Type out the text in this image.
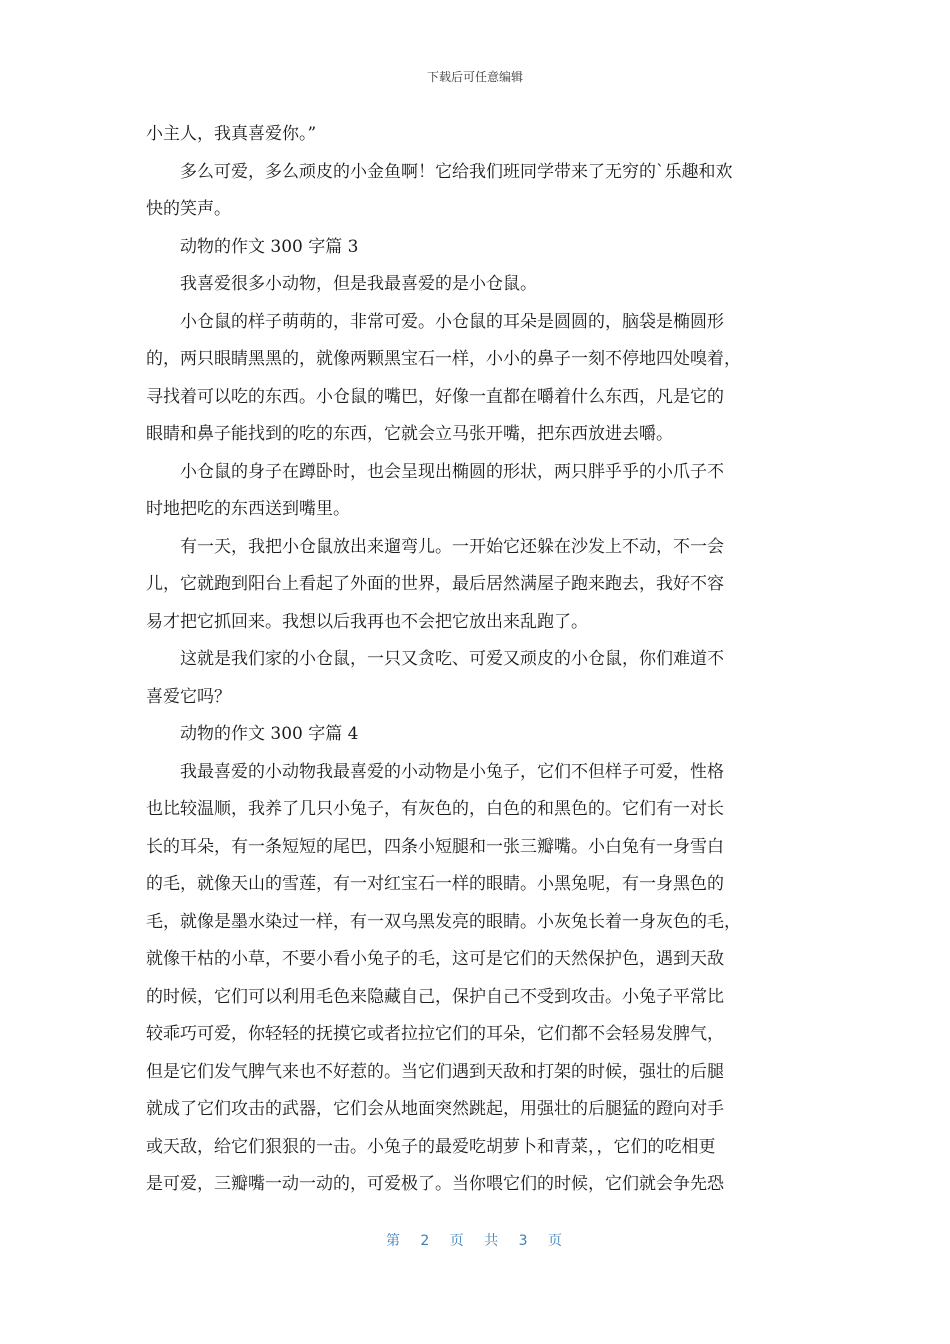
下载后可任意编辑
小主人，我真喜爱你。”
多么可爱，多么顽皮的小金鱼啊！它给我们班同学带来了无穷的`乐趣和欢
快的笑声。
动物的作文 300 字篇 3
我喜爱很多小动物，但是我最喜爱的是小仓鼠。
小仓鼠的样子萌萌的，非常可爱。小仓鼠的耳朵是圆圆的，脑袋是椭圆形
的，两只眼睛黑黑的，就像两颗黑宝石一样，小小的鼻子一刻不停地四处嗅着，
寻找着可以吃的东西。小仓鼠的嘴巴，好像一直都在嚼着什么东西，凡是它的
眼睛和鼻子能找到的吃的东西，它就会立马张开嘴，把东西放进去嚼。
小仓鼠的身子在蹲卧时，也会呈现出椭圆的形状，两只胖乎乎的小爪子不
时地把吃的东西送到嘴里。
有一天，我把小仓鼠放出来遛弯儿。一开始它还躲在沙发上不动，不一会
儿，它就跑到阳台上看起了外面的世界，最后居然满屋子跑来跑去，我好不容
易才把它抓回来。我想以后我再也不会把它放出来乱跑了。
这就是我们家的小仓鼠，一只又贪吃、可爱又顽皮的小仓鼠，你们难道不
喜爱它吗？
动物的作文 300 字篇 4
我最喜爱的小动物我最喜爱的小动物是小兔子，它们不但样子可爱，性格
也比较温顺，我养了几只小兔子，有灰色的，白色的和黑色的。它们有一对长
长的耳朵，有一条短短的尾巴，四条小短腿和一张三瓣嘴。小白兔有一身雪白
的毛，就像天山的雪莲，有一对红宝石一样的眼睛。小黑兔呢，有一身黑色的
毛，就像是墨水染过一样，有一双乌黑发亮的眼睛。小灰兔长着一身灰色的毛，
就像干枯的小草，不要小看小兔子的毛，这可是它们的天然保护色，遇到天敌
的时候，它们可以利用毛色来隐藏自己，保护自己不受到攻击。小兔子平常比
较乖巧可爱，你轻轻的抚摸它或者拉拉它们的耳朵，它们都不会轻易发脾气，
但是它们发气脾气来也不好惹的。当它们遇到天敌和打架的时候，强壮的后腿
就成了它们攻击的武器，它们会从地面突然跳起，用强壮的后腿猛的蹬向对手
或天敌，给它们狠狠的一击。小兔子的最爱吃胡萝卜和青菜，，它们的吃相更
是可爱，三瓣嘴一动一动的，可爱极了。当你喂它们的时候，它们就会争先恐
第 2 页 共 3 页
